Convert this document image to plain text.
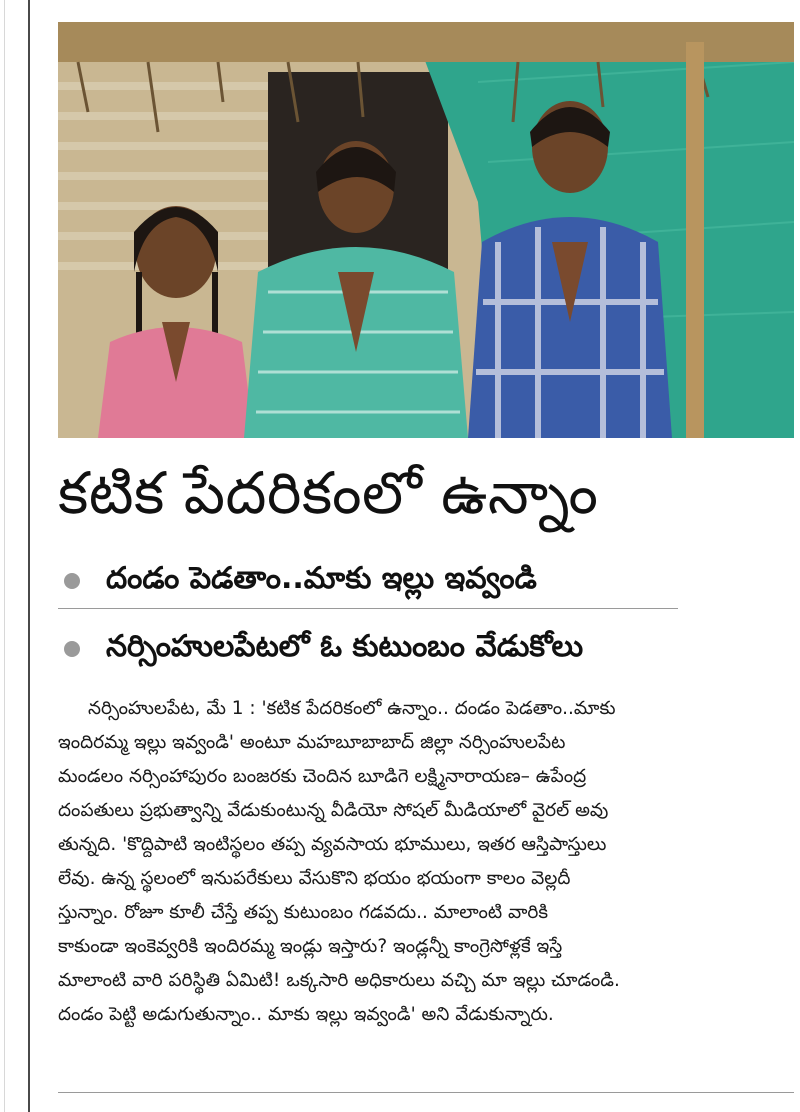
కటిక పేదరికంలో ఉన్నాం
దండం పెడతాం..మాకు ఇల్లు ఇవ్వండి
నర్సింహులపేటలో ఓ కుటుంబం వేడుకోలు
నర్సింహులపేట, మే 1 : 'కటిక పేదరికంలో ఉన్నాం.. దండం పెడతాం..మాకు
ఇందిరమ్మ ఇల్లు ఇవ్వండి' అంటూ మహబూబాబాద్ జిల్లా నర్సింహులపేట
మండలం నర్సింహాపురం బంజరకు చెందిన బూడిగె లక్ష్మినారాయణ– ఉపేంద్ర
దంపతులు ప్రభుత్వాన్ని వేడుకుంటున్న వీడియో సోషల్ మీడియాలో వైరల్ అవు
తున్నది. 'కొద్దిపాటి ఇంటిస్థలం తప్ప వ్యవసాయ భూములు, ఇతర ఆస్తిపాస్తులు
లేవు. ఉన్న స్థలంలో ఇనుపరేకులు వేసుకొని భయం భయంగా కాలం వెల్లదీ
స్తున్నాం. రోజూ కూలీ చేస్తే తప్ప కుటుంబం గడవదు.. మాలాంటి వారికి
కాకుండా ఇంకెవ్వరికి ఇందిరమ్మ ఇండ్లు ఇస్తారు? ఇండ్లన్నీ కాంగ్రెసోళ్లకే ఇస్తే
మాలాంటి వారి పరిస్థితి ఏమిటి! ఒక్కసారి అధికారులు వచ్చి మా ఇల్లు చూడండి.
దండం పెట్టి అడుగుతున్నాం.. మాకు ఇల్లు ఇవ్వండి' అని వేడుకున్నారు.
